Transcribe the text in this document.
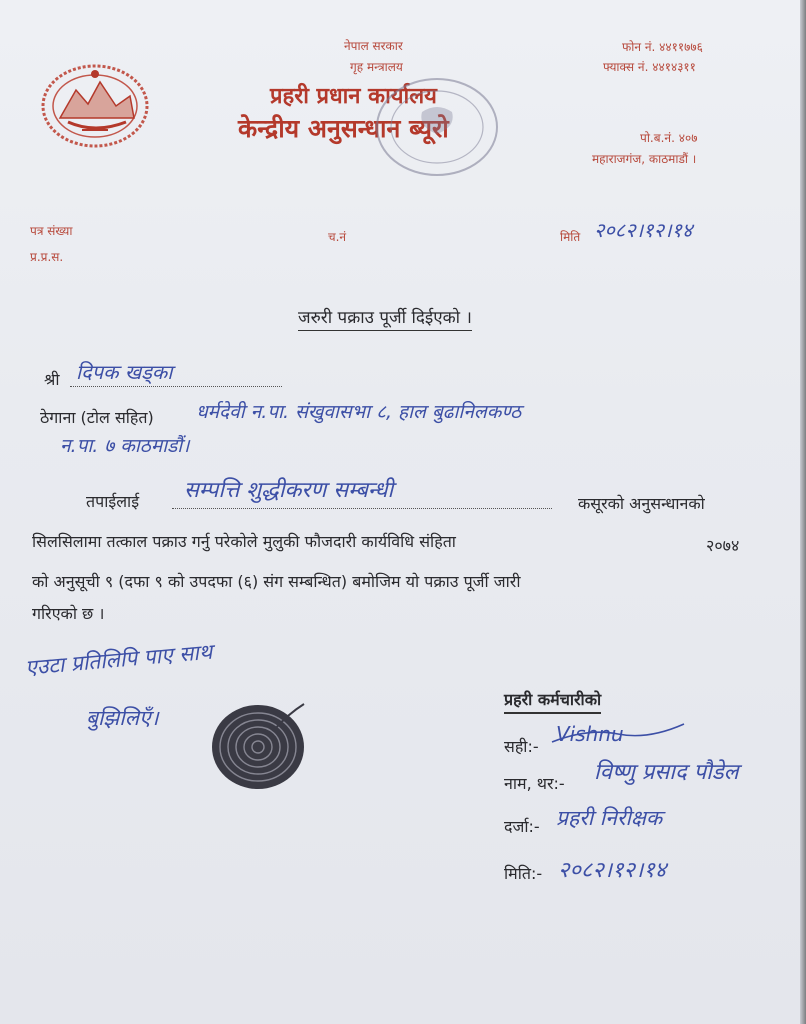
नेपाल सरकार
गृह मन्त्रालय
प्रहरी प्रधान कार्यालय
केन्द्रीय अनुसन्धान ब्यूरो
फोन नं. ४४११७७६
फ्याक्स नं. ४४१४३११
पो.ब.नं. ४०७
महाराजगंज, काठमाडौं ।
पत्र संख्या
प्र.प्र.स.
च.नं	मिति २०८२।१२।१४
जरुरी पक्राउ पूर्जी दिईएको ।
श्री दिपक खड्का
ठेगाना (टोल सहित) धर्मदेवी न.पा. संखुवासभा ८, हाल बुढानिलकण्ठ
न.पा. ७ काठमाडौं।
तपाईलाई सम्पत्ति शुद्धीकरण सम्बन्धी
कसूरको अनुसन्धानको
सिलसिलामा तत्काल पक्राउ गर्नु परेकोले मुलुकी फौजदारी कार्यविधि संहिता	२०७४
को अनुसूची ९ (दफा ९ को उपदफा (६) संग सम्बन्धित) बमोजिम यो पक्राउ पूर्जी जारी
गरिएको छ ।
एउटा प्रतिलिपि पाए साथ
बुझिलिएँ।
प्रहरी कर्मचारीको
सही:-
Vishnu
नाम, थर:- विष्णु प्रसाद पौडेल
दर्जा:- प्रहरी निरीक्षक
मिति:- २०८२।१२।१४
